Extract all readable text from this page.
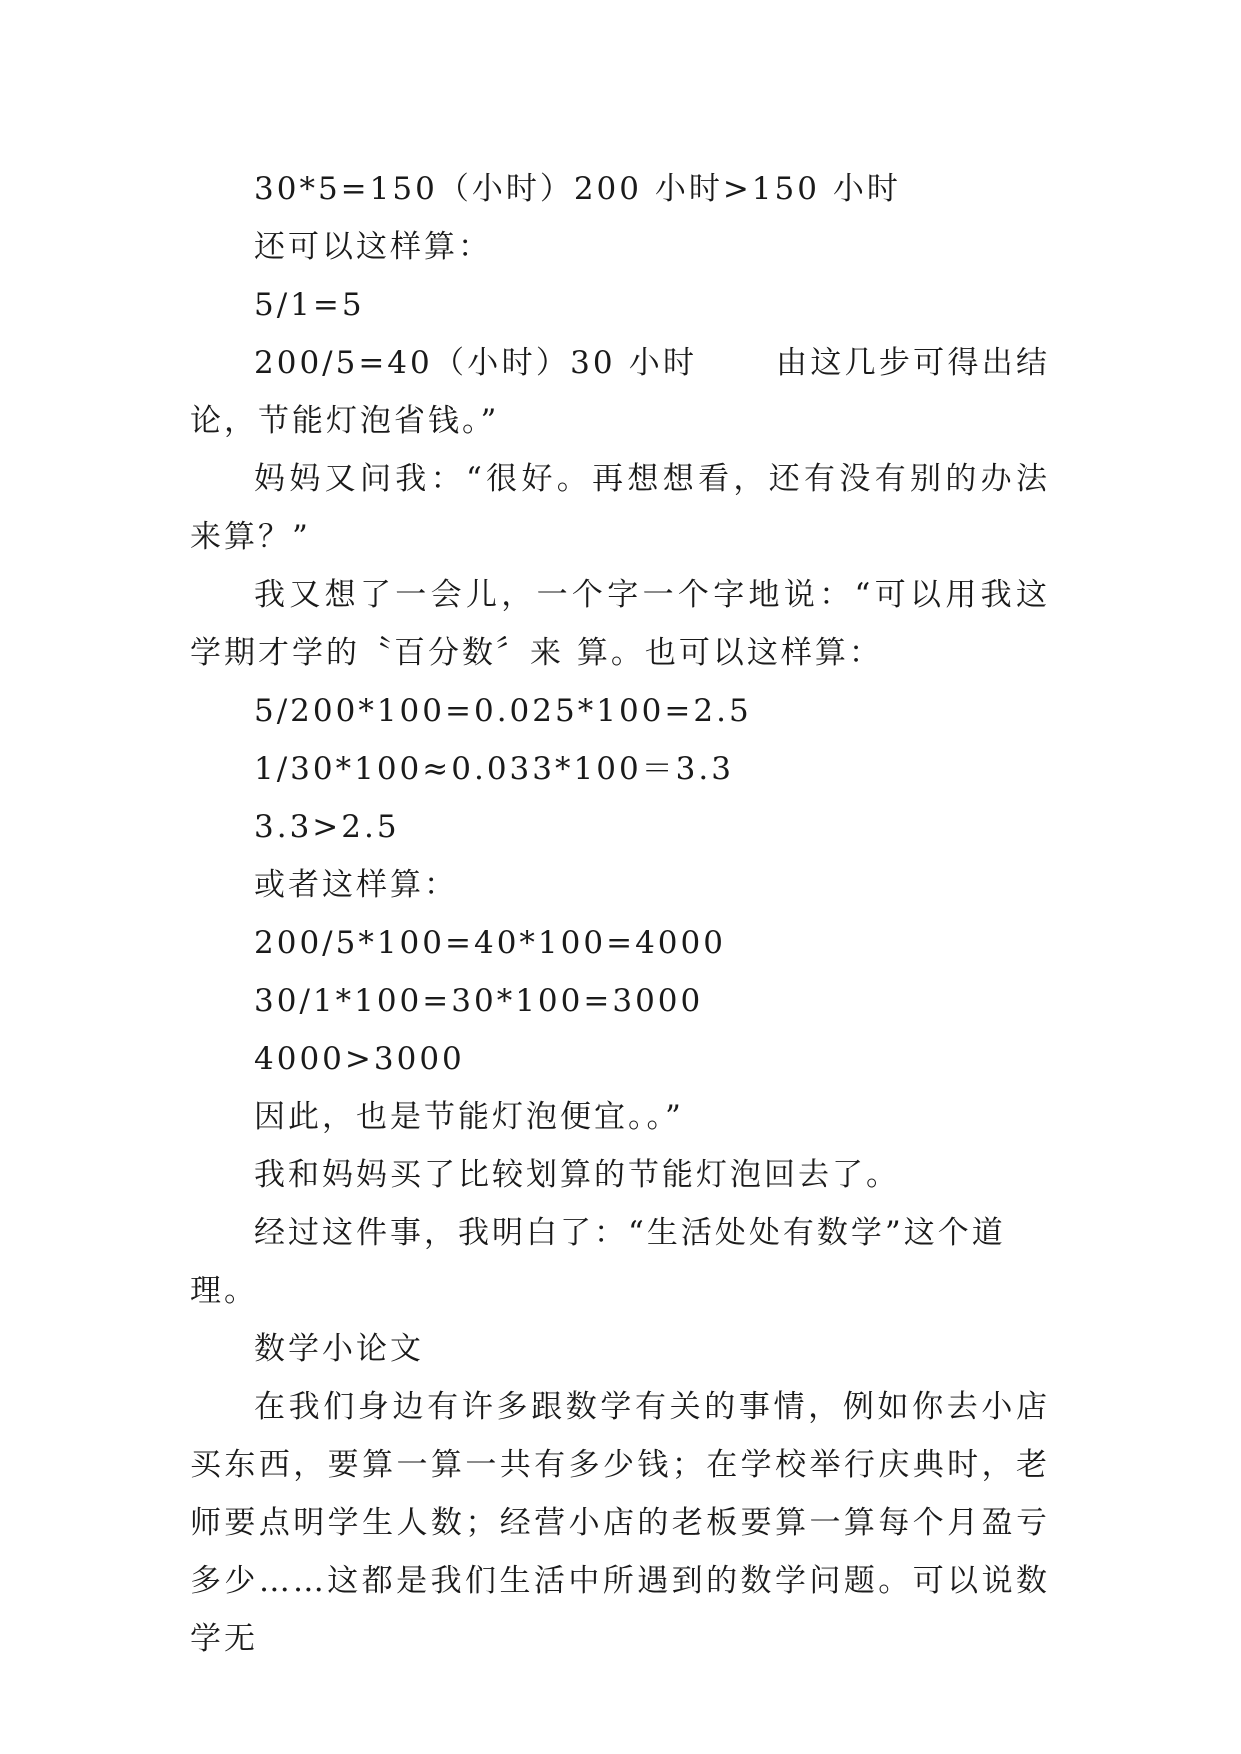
30*5=150（小时）200 小时>150 小时

还可以这样算：

5/1=5

200/5=40（小时）30 小时      由这几步可得出结论，节能灯泡省钱。”

妈妈又问我：“很好。再想想看，还有没有别的办法来算？”

我又想了一会儿，一个字一个字地说：“可以用我这学期才学的〝百分数〞来 算。也可以这样算：

5/200*100=0.025*100=2.5

1/30*100≈0.033*100＝3.3

3.3>2.5

或者这样算：

200/5*100=40*100=4000

30/1*100=30*100=3000

4000>3000

因此，也是节能灯泡便宜。。”

我和妈妈买了比较划算的节能灯泡回去了。

经过这件事，我明白了：“生活处处有数学”这个道理。

数学小论文

在我们身边有许多跟数学有关的事情，例如你去小店买东西，要算一算一共有多少钱；在学校举行庆典时，老师要点明学生人数；经营小店的老板要算一算每个月盈亏多少……这都是我们生活中所遇到的数学问题。可以说数学无
